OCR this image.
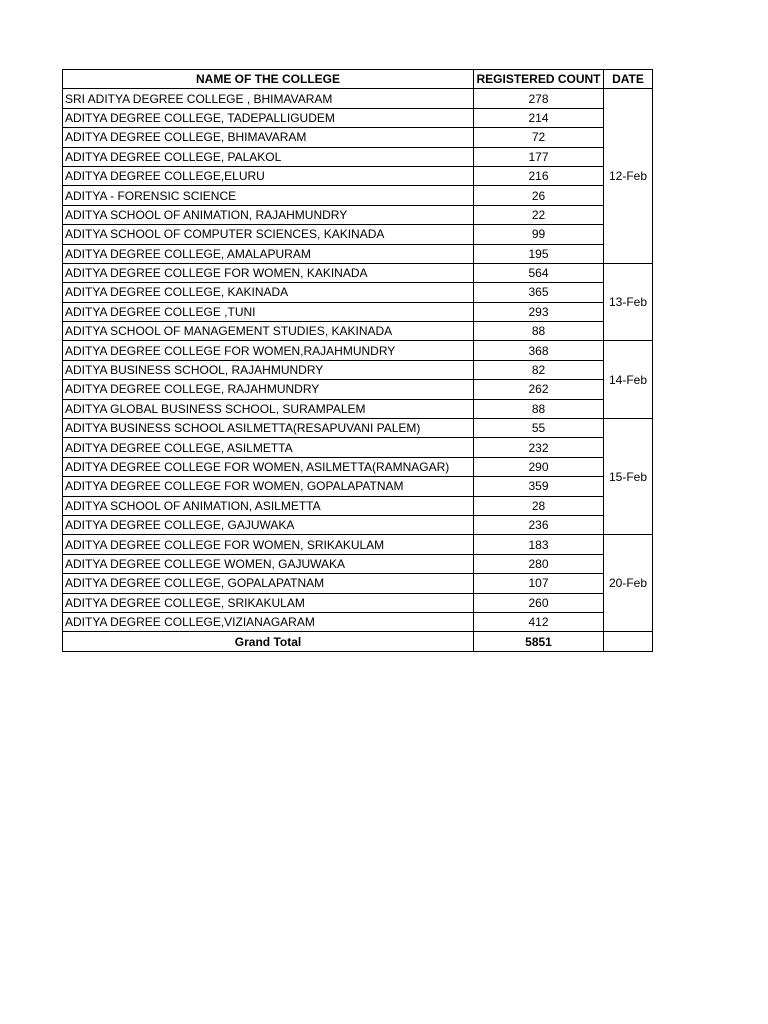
NAME OF THE COLLEGE	REGISTERED COUNT	DATE
SRI ADITYA DEGREE COLLEGE , BHIMAVARAM	278	12-Feb
ADITYA DEGREE COLLEGE, TADEPALLIGUDEM	214	
ADITYA DEGREE COLLEGE, BHIMAVARAM	72	
ADITYA DEGREE COLLEGE, PALAKOL	177	
ADITYA DEGREE COLLEGE,ELURU	216	
ADITYA - FORENSIC SCIENCE	26	
ADITYA SCHOOL OF ANIMATION, RAJAHMUNDRY	22	
ADITYA SCHOOL OF COMPUTER SCIENCES, KAKINADA	99	
ADITYA DEGREE COLLEGE, AMALAPURAM	195	
ADITYA DEGREE COLLEGE FOR WOMEN, KAKINADA	564	13-Feb
ADITYA DEGREE COLLEGE, KAKINADA	365	
ADITYA DEGREE COLLEGE ,TUNI	293	
ADITYA SCHOOL OF MANAGEMENT STUDIES, KAKINADA	88	
ADITYA DEGREE COLLEGE FOR WOMEN,RAJAHMUNDRY	368	14-Feb
ADITYA BUSINESS SCHOOL, RAJAHMUNDRY	82	
ADITYA DEGREE COLLEGE, RAJAHMUNDRY	262	
ADITYA GLOBAL BUSINESS SCHOOL, SURAMPALEM	88	
ADITYA BUSINESS SCHOOL ASILMETTA(RESAPUVANI PALEM)	55	15-Feb
ADITYA DEGREE COLLEGE, ASILMETTA	232	
ADITYA DEGREE COLLEGE FOR WOMEN, ASILMETTA(RAMNAGAR)	290	
ADITYA DEGREE COLLEGE FOR WOMEN, GOPALAPATNAM	359	
ADITYA SCHOOL OF ANIMATION, ASILMETTA	28	
ADITYA DEGREE COLLEGE, GAJUWAKA	236	
ADITYA DEGREE COLLEGE FOR WOMEN, SRIKAKULAM	183	20-Feb
ADITYA DEGREE COLLEGE WOMEN, GAJUWAKA	280	
ADITYA DEGREE COLLEGE, GOPALAPATNAM	107	
ADITYA DEGREE COLLEGE, SRIKAKULAM	260	
ADITYA DEGREE COLLEGE,VIZIANAGARAM	412	
Grand Total	5851	
